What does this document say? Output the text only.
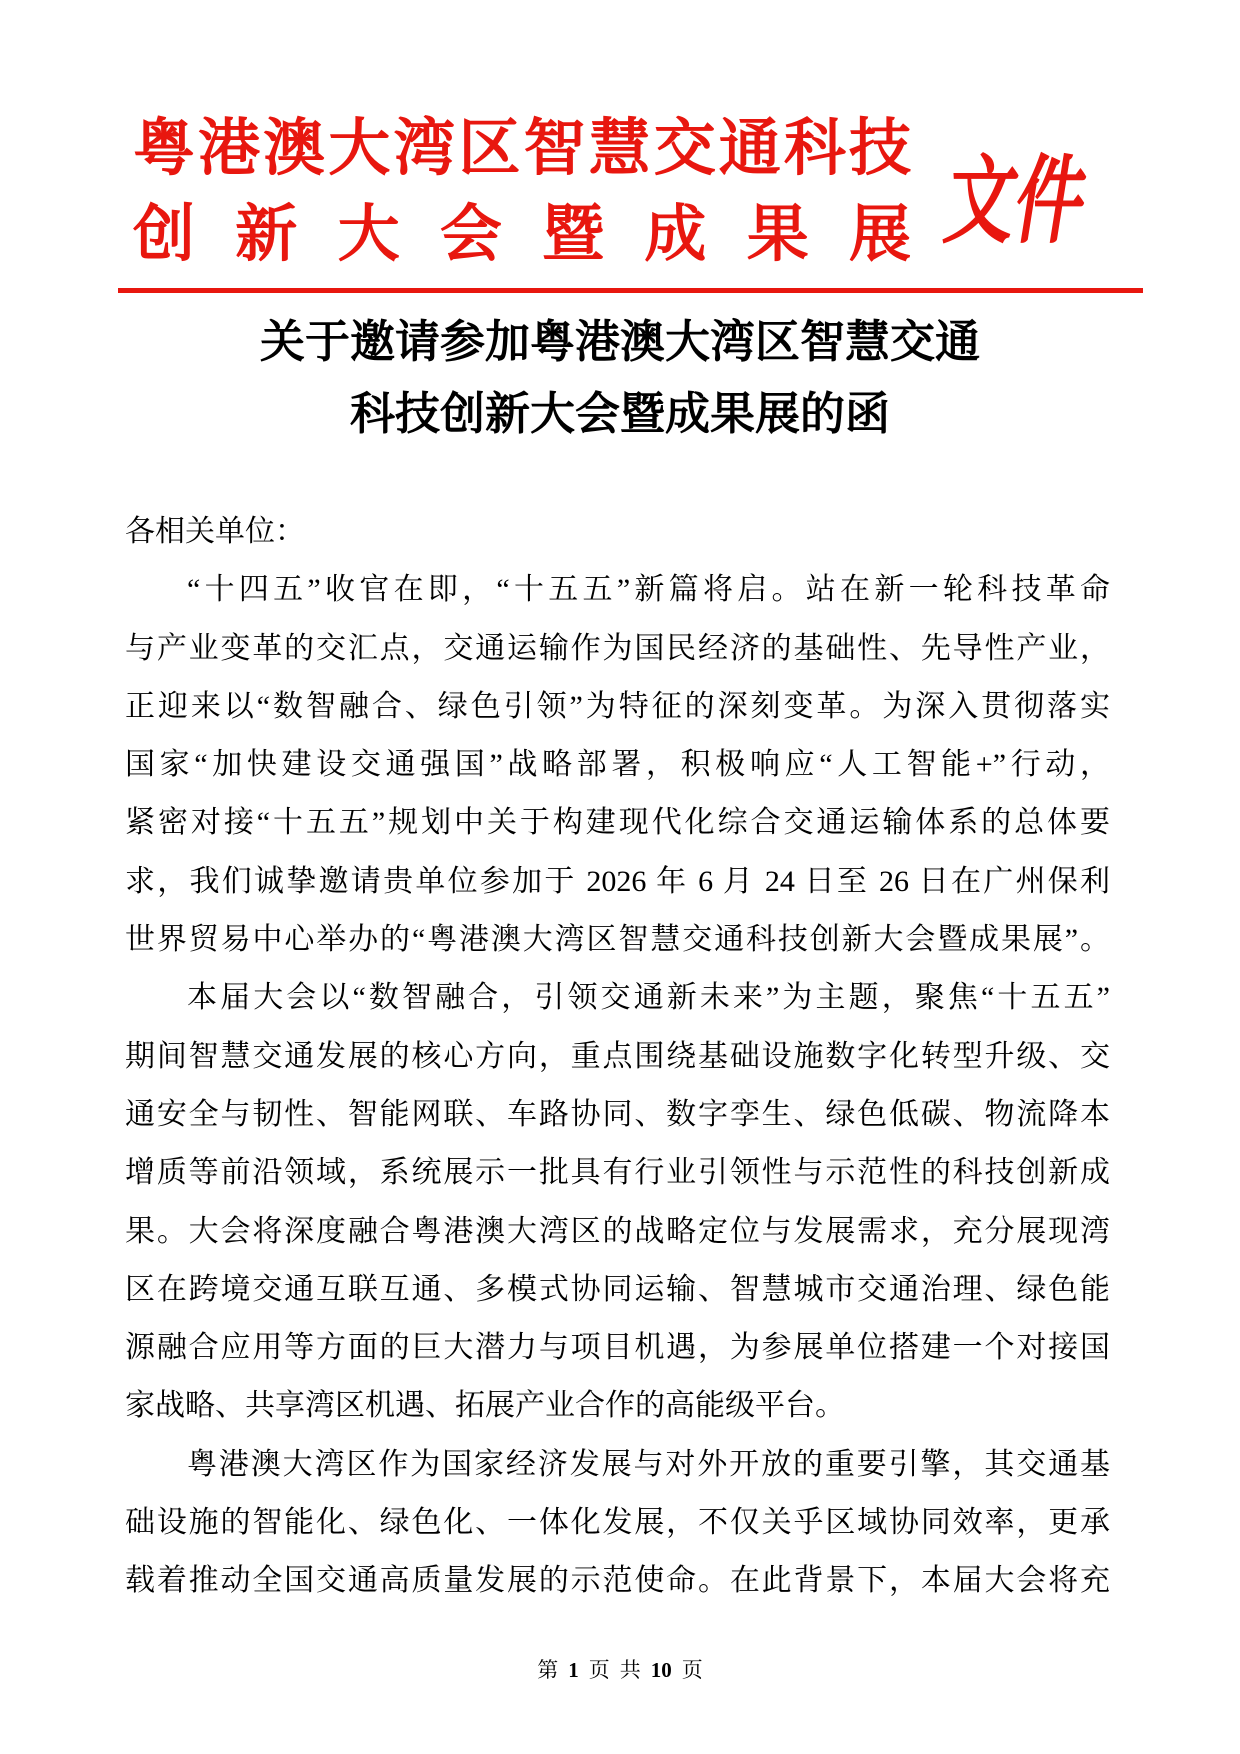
粤港澳大湾区智慧交通科技
创新大会暨成果展 文件
关于邀请参加粤港澳大湾区智慧交通
科技创新大会暨成果展的函
各相关单位：
“十四五”收官在即，“十五五”新篇将启。站在新一轮科技革命
与产业变革的交汇点，交通运输作为国民经济的基础性、先导性产业，
正迎来以“数智融合、绿色引领”为特征的深刻变革。为深入贯彻落实
国家“加快建设交通强国”战略部署，积极响应“人工智能+”行动，
紧密对接“十五五”规划中关于构建现代化综合交通运输体系的总体要
求，我们诚挚邀请贵单位参加于 2026 年 6 月 24 日至 26 日在广州保利
世界贸易中心举办的“粤港澳大湾区智慧交通科技创新大会暨成果展”。
本届大会以“数智融合，引领交通新未来”为主题，聚焦“十五五”
期间智慧交通发展的核心方向，重点围绕基础设施数字化转型升级、交
通安全与韧性、智能网联、车路协同、数字孪生、绿色低碳、物流降本
增质等前沿领域，系统展示一批具有行业引领性与示范性的科技创新成
果。大会将深度融合粤港澳大湾区的战略定位与发展需求，充分展现湾
区在跨境交通互联互通、多模式协同运输、智慧城市交通治理、绿色能
源融合应用等方面的巨大潜力与项目机遇，为参展单位搭建一个对接国
家战略、共享湾区机遇、拓展产业合作的高能级平台。
粤港澳大湾区作为国家经济发展与对外开放的重要引擎，其交通基
础设施的智能化、绿色化、一体化发展，不仅关乎区域协同效率，更承
载着推动全国交通高质量发展的示范使命。在此背景下，本届大会将充
第 1 页 共 10 页
